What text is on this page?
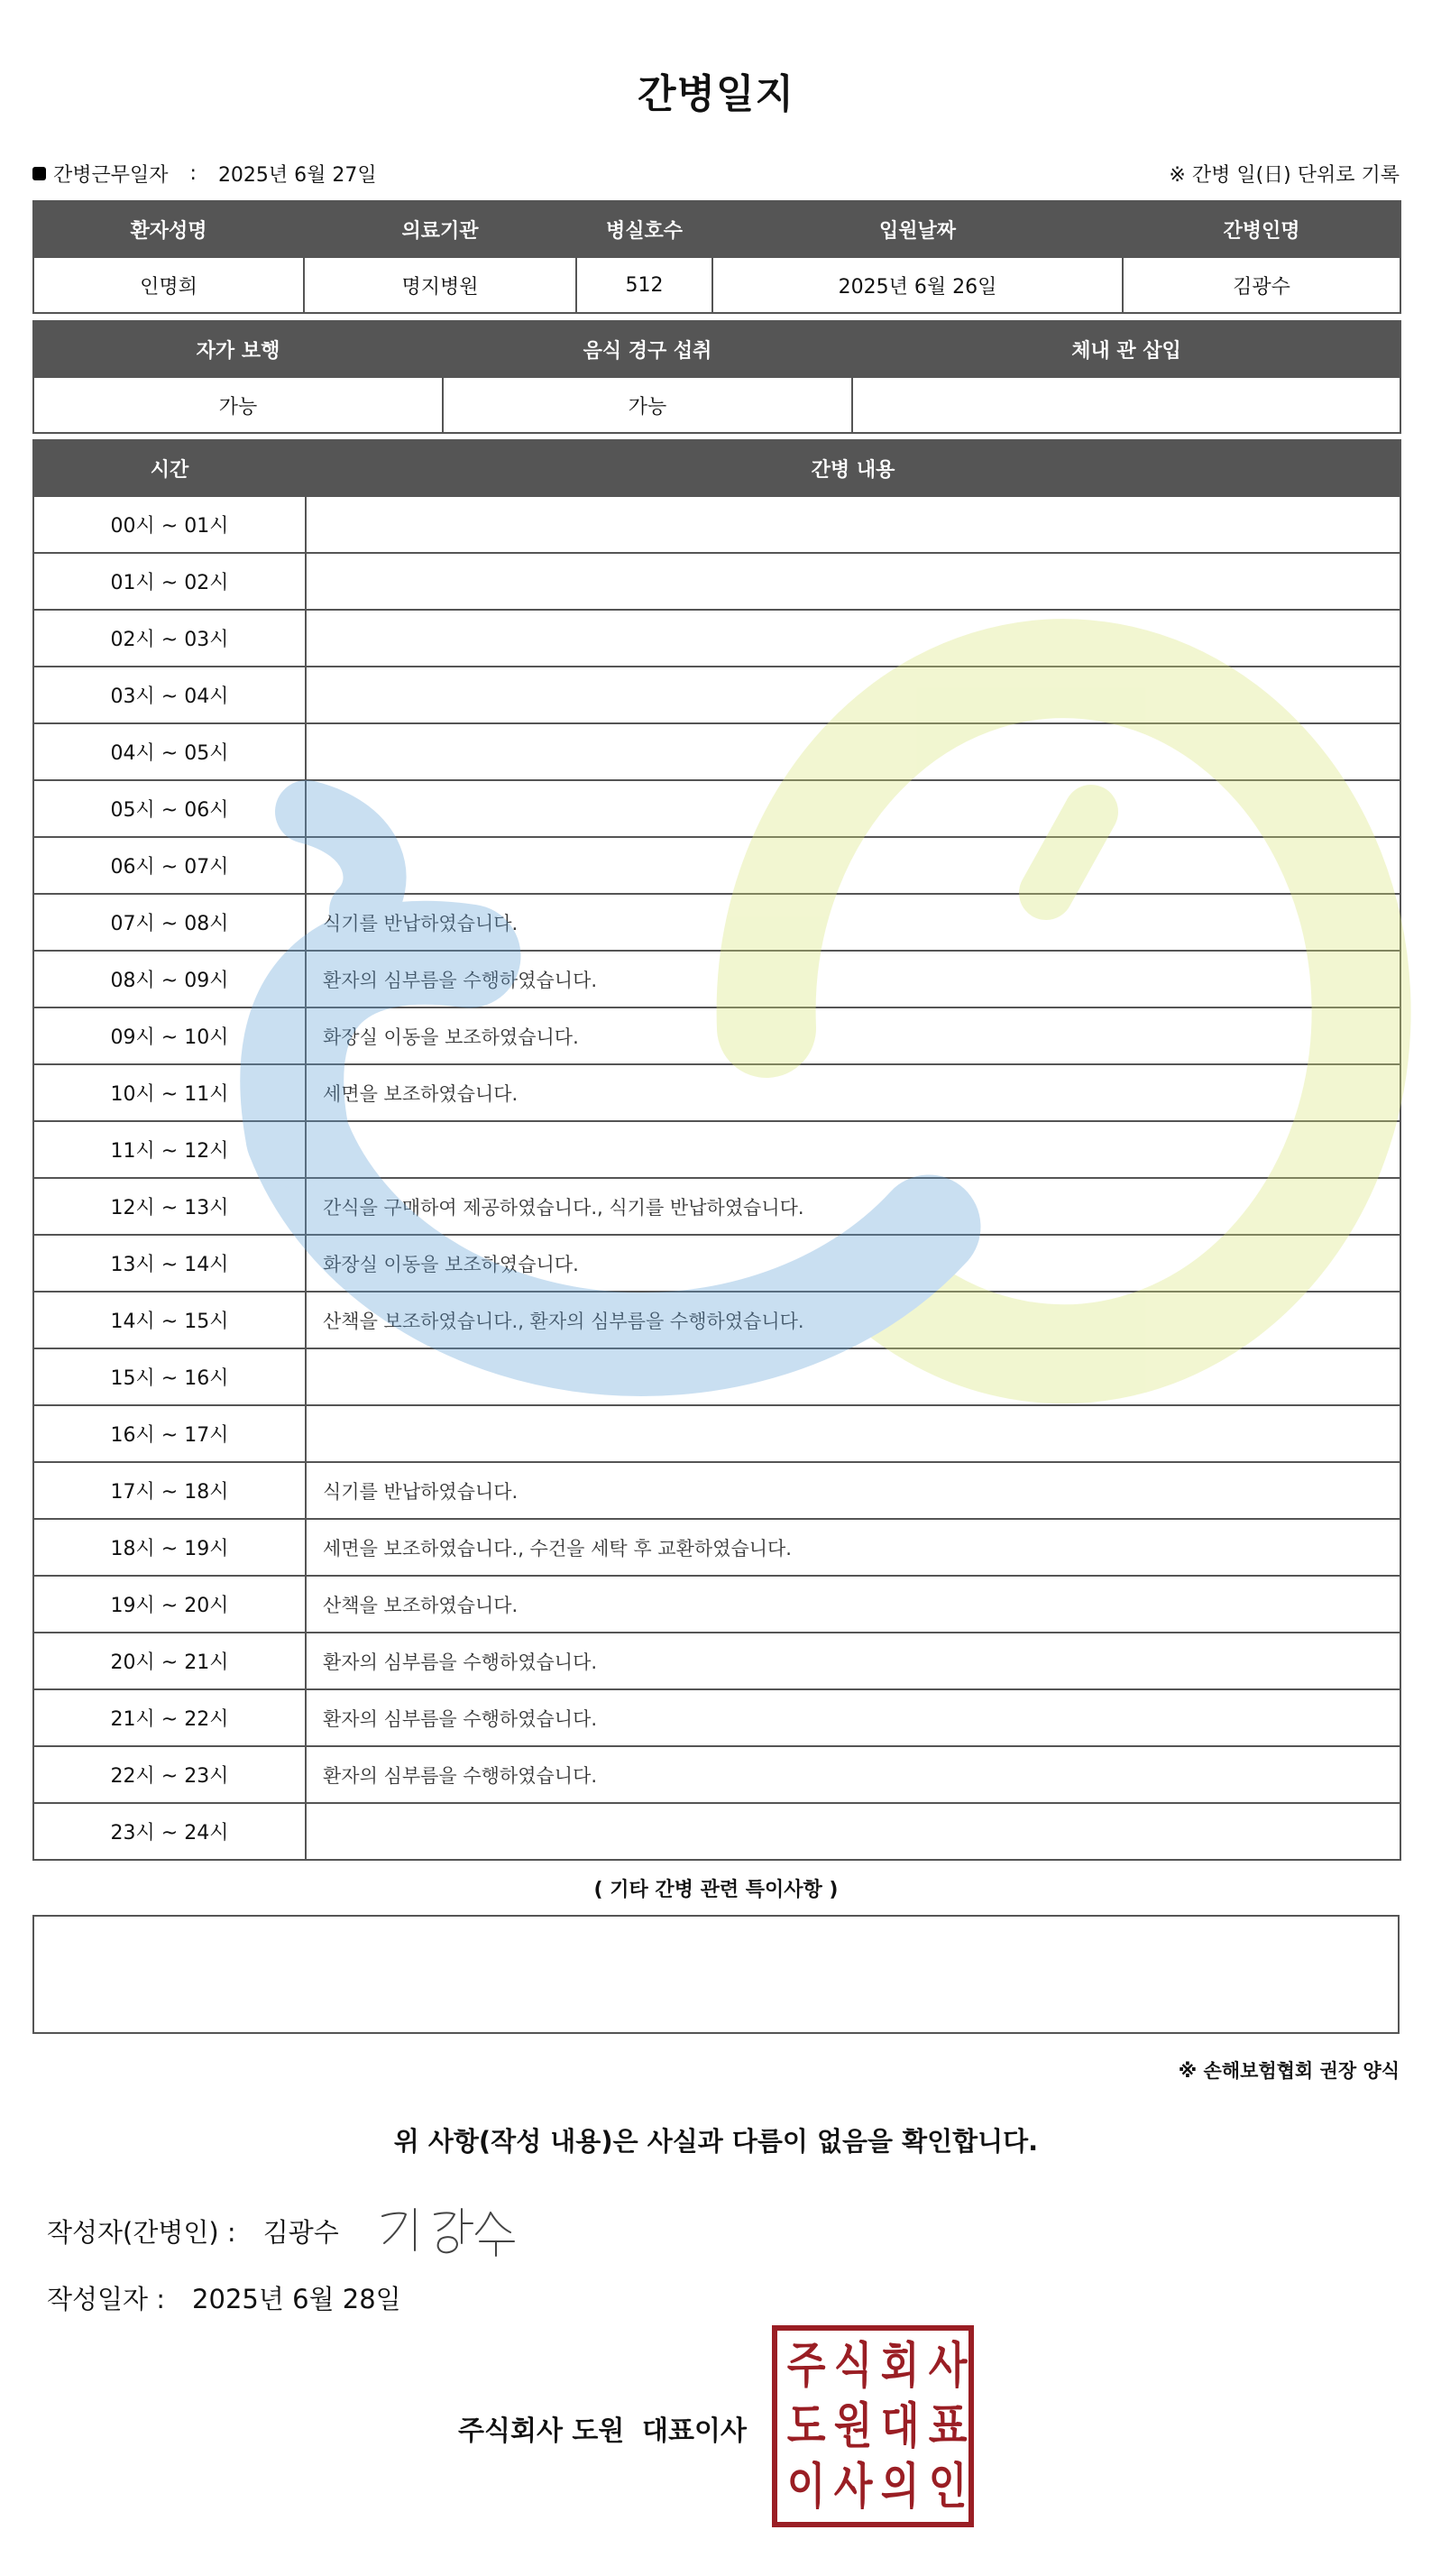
간병일지
간병근무일자 : 2025년 6월 27일	※ 간병 일(日) 단위로 기록
환자성명	의료기관	병실호수	입원날짜	간병인명
인명희	명지병원	512	2025년 6월 26일	김광수
자가 보행	음식 경구 섭취	체내 관 삽입
가능	가능	
시간	간병 내용
00시 ~ 01시	
01시 ~ 02시	
02시 ~ 03시	
03시 ~ 04시	
04시 ~ 05시	
05시 ~ 06시	
06시 ~ 07시	
07시 ~ 08시	식기를 반납하였습니다.
08시 ~ 09시	환자의 심부름을 수행하였습니다.
09시 ~ 10시	화장실 이동을 보조하였습니다.
10시 ~ 11시	세면을 보조하였습니다.
11시 ~ 12시	
12시 ~ 13시	간식을 구매하여 제공하였습니다., 식기를 반납하였습니다.
13시 ~ 14시	화장실 이동을 보조하였습니다.
14시 ~ 15시	산책을 보조하였습니다., 환자의 심부름을 수행하였습니다.
15시 ~ 16시	
16시 ~ 17시	
17시 ~ 18시	식기를 반납하였습니다.
18시 ~ 19시	세면을 보조하였습니다., 수건을 세탁 후 교환하였습니다.
19시 ~ 20시	산책을 보조하였습니다.
20시 ~ 21시	환자의 심부름을 수행하였습니다.
21시 ~ 22시	환자의 심부름을 수행하였습니다.
22시 ~ 23시	환자의 심부름을 수행하였습니다.
23시 ~ 24시	
( 기타 간병 관련 특이사항 )
※ 손해보험협회 권장 양식
위 사항(작성 내용)은 사실과 다름이 없음을 확인합니다.
작성자(간병인) : 김광수
작성일자 : 2025년 6월 28일
주식회사 도원 대표이사
주 식 회 사
도 원 대 표
이 사 의 인
